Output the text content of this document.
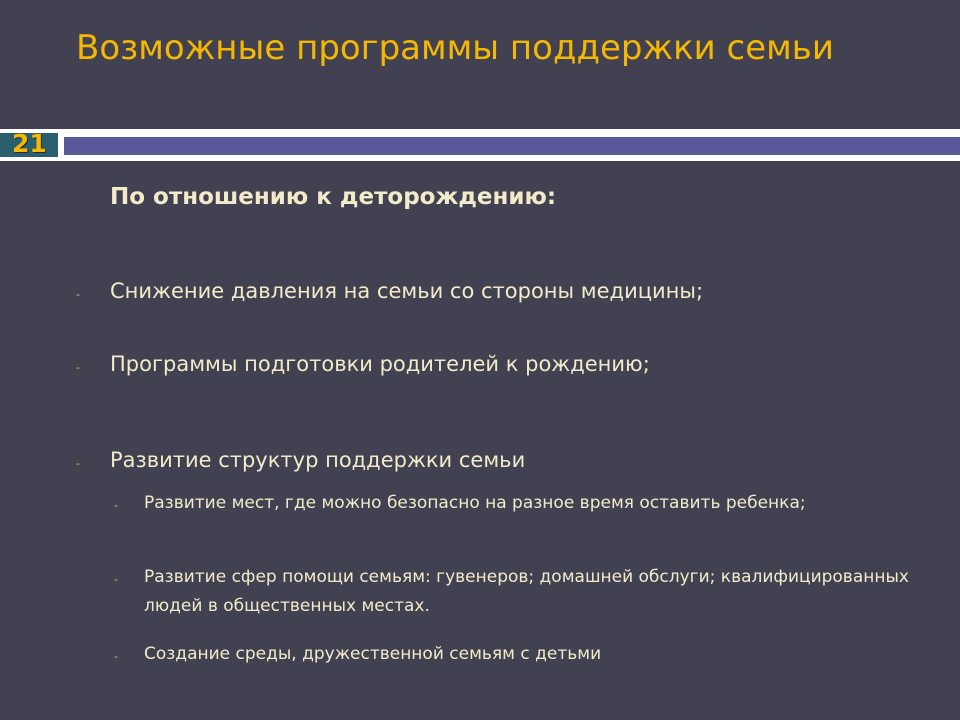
Возможные программы поддержки семьи
21

По отношению к деторождению:

- Снижение давления на семьи со стороны медицины;

- Программы подготовки родителей к рождению;

- Развитие структур поддержки семьи

- Развитие мест, где можно безопасно на разное время оставить ребенка;

- Развитие сфер помощи семьям: гувенеров; домашней обслуги; квалифицированных людей в общественных местах.

- Создание среды, дружественной семьям с детьми
